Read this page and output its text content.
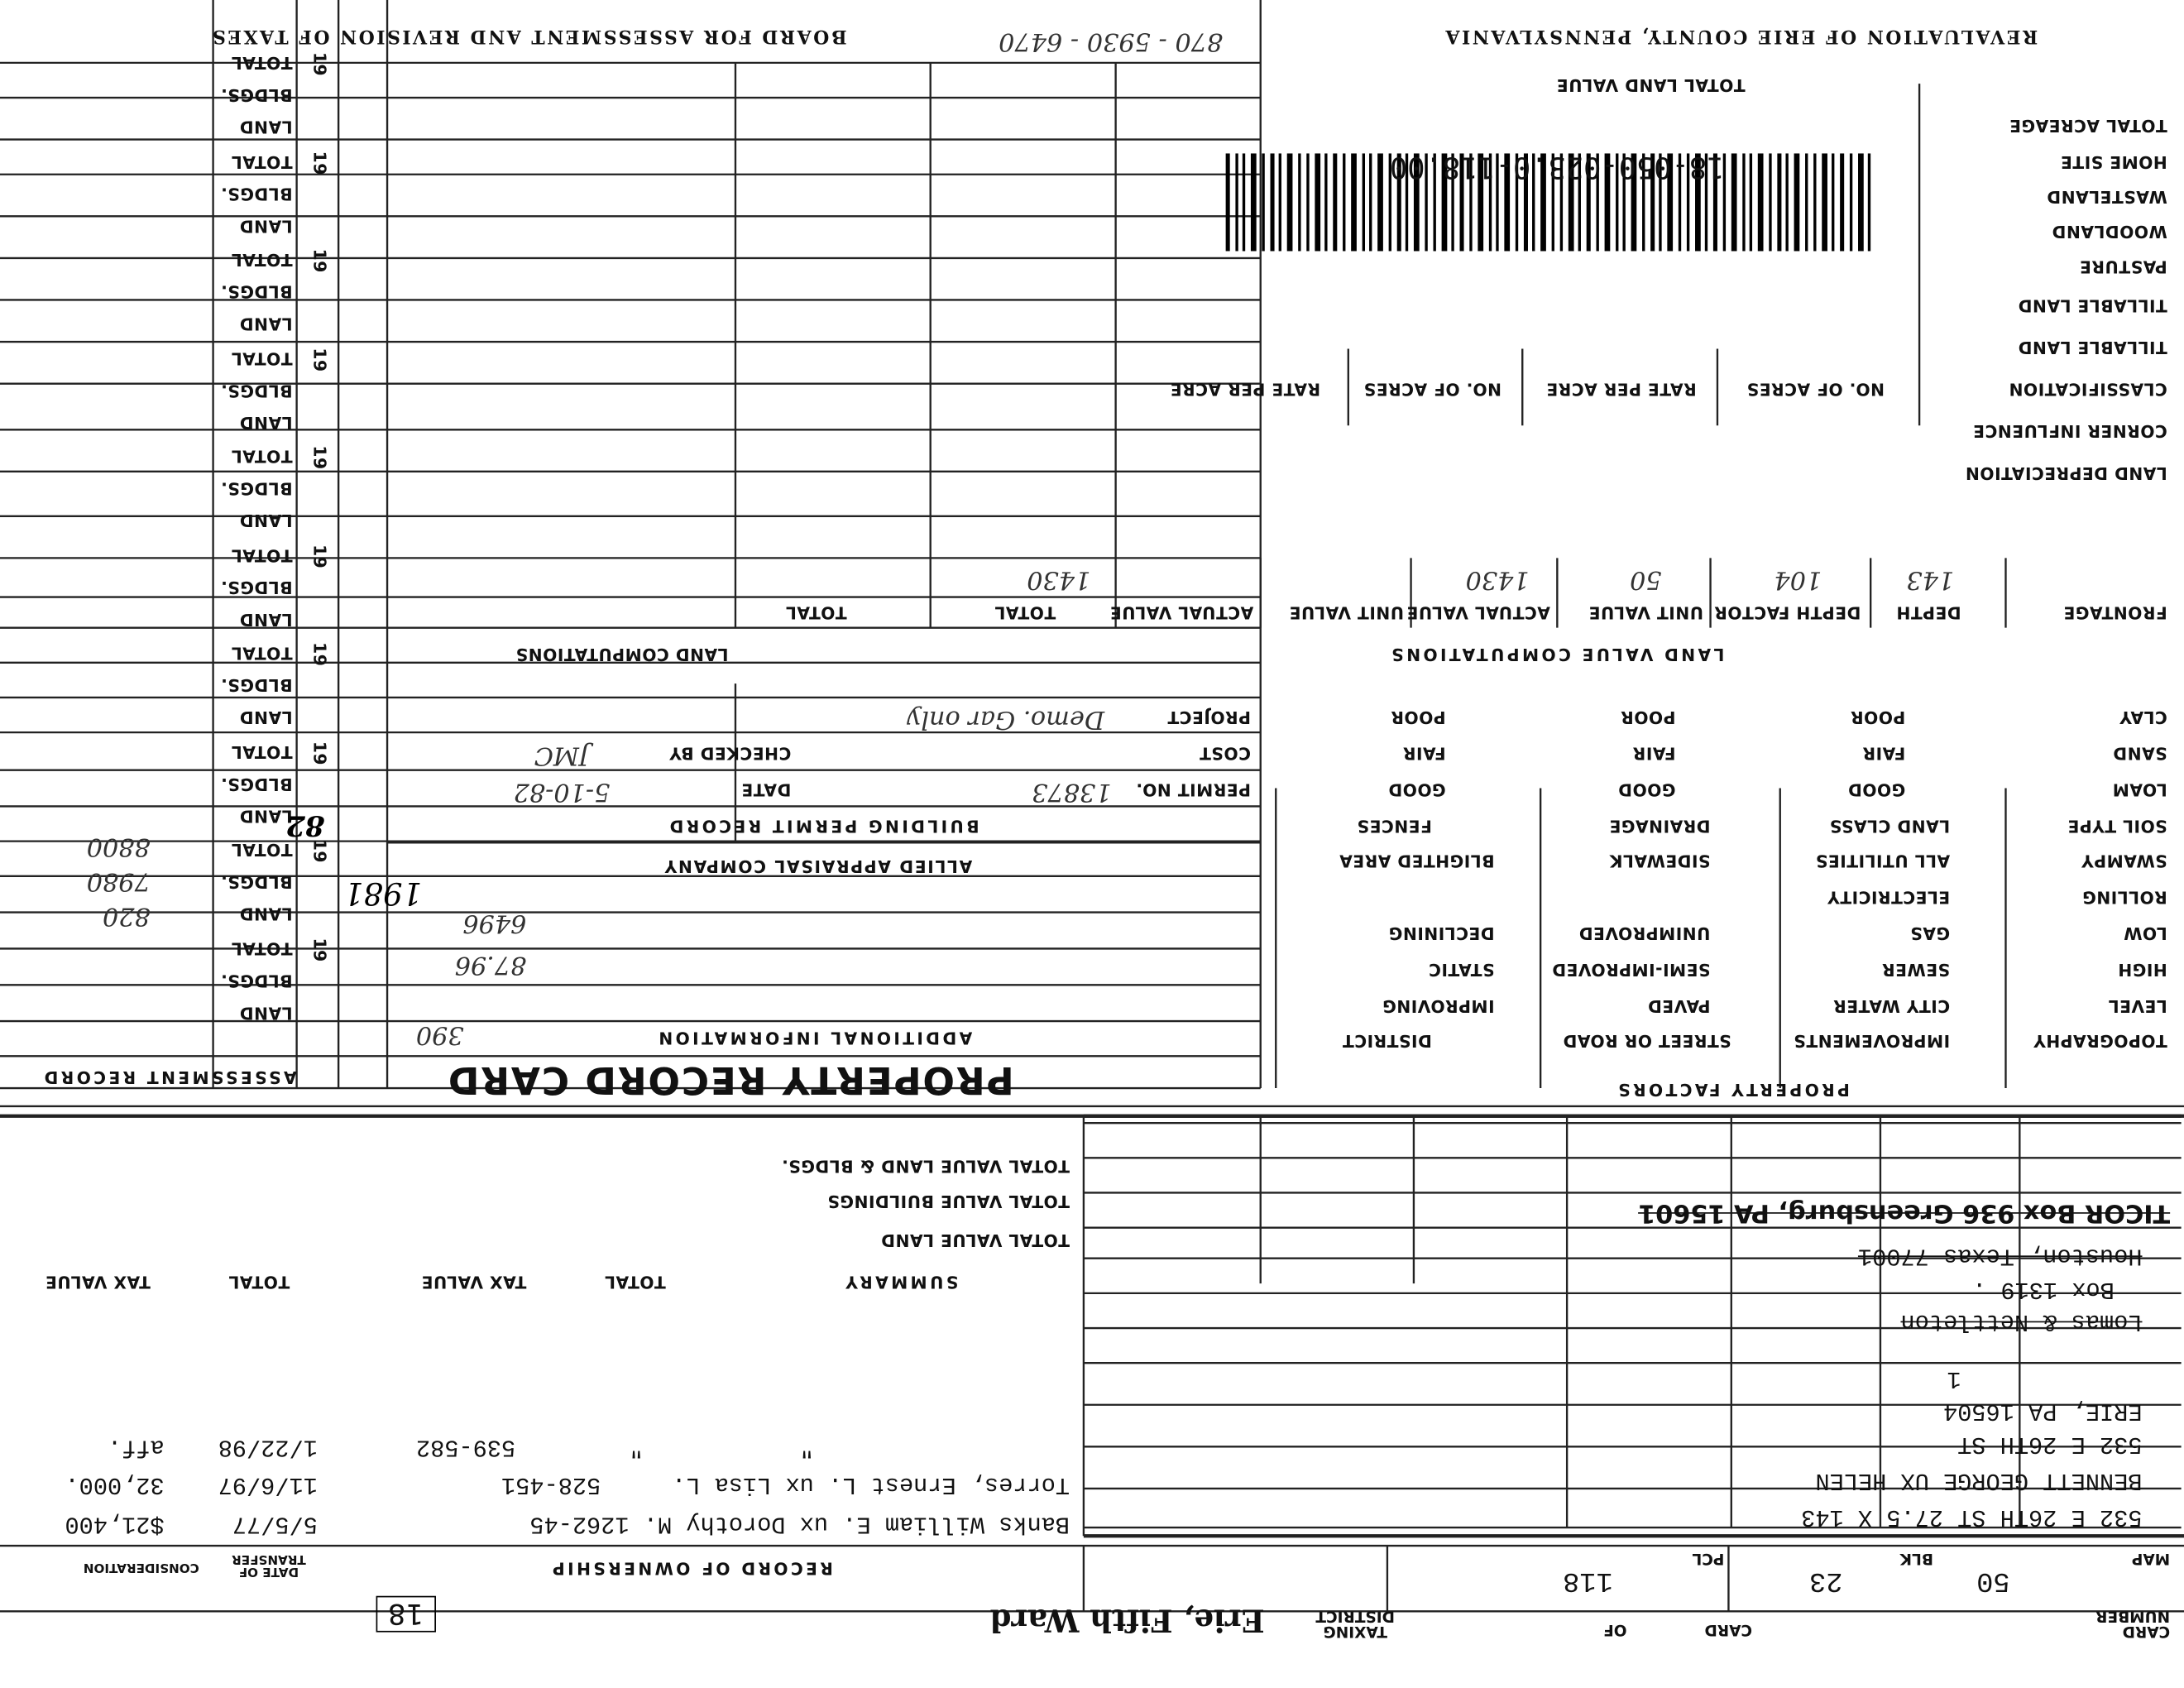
REVALUATION OF ERIE COUNTY, PENNSYLVANIA
BOARD FOR ASSESSMENT AND REVISION OF TAXES	870 - 5930 - 6470
18-050-023.0-118.00
TOTAL LAND VALUE
TOTAL ACREAGE
HOME SITE
WASTELAND
WOODLAND
PASTURE
TILLABLE LAND
TILLABLE LAND
CLASSIFICATION
NO. OF ACRES
RATE PER ACRE
NO. OF ACRES
RATE PER ACRE
CORNER INFLUENCE
LAND DEPRECIATION
LAND VALUE COMPUTATIONS
FRONTAGE
DEPTH
DEPTH FACTOR
UNIT VALUE
ACTUAL VALUE
UNIT VALUE
ACTUAL VALUE
TOTAL
TOTAL
143
104
50
1430
1430
LAND COMPUTATIONS
PROPERTY FACTORS
TOPOGRAPHY
IMPROVEMENTS
STREET OR ROAD
DISTRICT
LEVEL
HIGH
LOW
ROLLING
SWAMPY
CITY WATER
SEWER
GAS
ELECTRICITY
ALL UTILITIES
PAVED
SEMI-IMPROVED
UNIMPROVED
SIDEWALK
IMPROVING
STATIC
DECLINING
BLIGHTED AREA
SOIL TYPE
LAND CLASS
DRAINAGE
FENCES
LOAM
SAND
CLAY
GOOD
FAIR
POOR
GOOD
FAIR
POOR
GOOD
FAIR
POOR
BUILDING PERMIT RECORD
PERMIT NO.
COST
PROJECT
DATE
CHECKED BY
13873
Demo. Gar only
5-10-82
JMC
ALLIED APPRAISAL COMPANY
ADDITIONAL INFORMATION
PROPERTY RECORD CARD
6496
87.96
390
1981
ASSESSMENT RECORD
LAND
BLDGS.
TOTAL 19
LAND
BLDGS.
TOTAL 19
LAND
BLDGS.
TOTAL 19
LAND
BLDGS.
TOTAL 19
LAND
BLDGS.
TOTAL 19
LAND
BLDGS.
TOTAL 19
LAND
BLDGS.
TOTAL 19
LAND
BLDGS.
TOTAL 19
LAND
BLDGS.
TOTAL 19
LAND
BLDGS.
TOTAL 19
82
820
7980
8800
532 E 26TH ST 27.5 X 143
BENNETT GEORGE UX HELEN
532 E 26TH ST
ERIE, PA 16504
1
Lomas & Nettleton
Box 1319 .
Houston, Texas 77001
TICOR Box 936 Greensburg, PA 15601
CARD NUMBER
CARD
OF
TAXING DISTRICT
Erie, Fifth Ward
18
MAP
50
BLK
23
PCL
118
RECORD OF OWNERSHIP
DATE OF TRANSFER
CONSIDERATION
Banks William E. ux Dorothy M. 1262-45
5/5/77
$21,400
Torres, Ernest L. ux Lisa L.     528-451
11/6/97
32,000.
"           "        539-582
1/22/98
aff.
SUMMARY
TOTAL
TAX VALUE
TOTAL
TAX VALUE
TOTAL VALUE LAND
TOTAL VALUE BUILDINGS
TOTAL VALUE LAND & BLDGS.
